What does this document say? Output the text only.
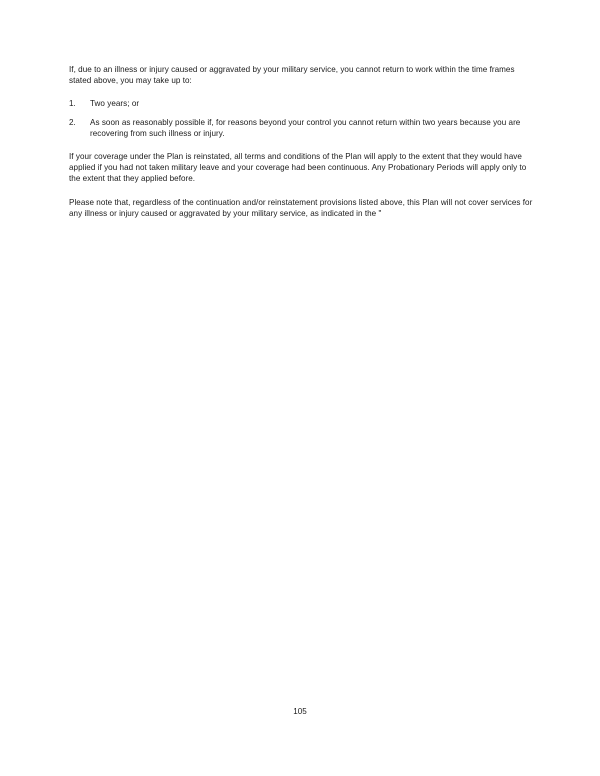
If, due to an illness or injury caused or aggravated by your military service, you cannot return to work within the time frames stated above, you may take up to:

1.	Two years; or
2.	As soon as reasonably possible if, for reasons beyond your control you cannot return within two years because you are recovering from such illness or injury.

If your coverage under the Plan is reinstated, all terms and conditions of the Plan will apply to the extent that they would have applied if you had not taken military leave and your coverage had been continuous. Any Probationary Periods will apply only to the extent that they applied before.

Please note that, regardless of the continuation and/or reinstatement provisions listed above, this Plan will not cover services for any illness or injury caused or aggravated by your military service, as indicated in the "

105
